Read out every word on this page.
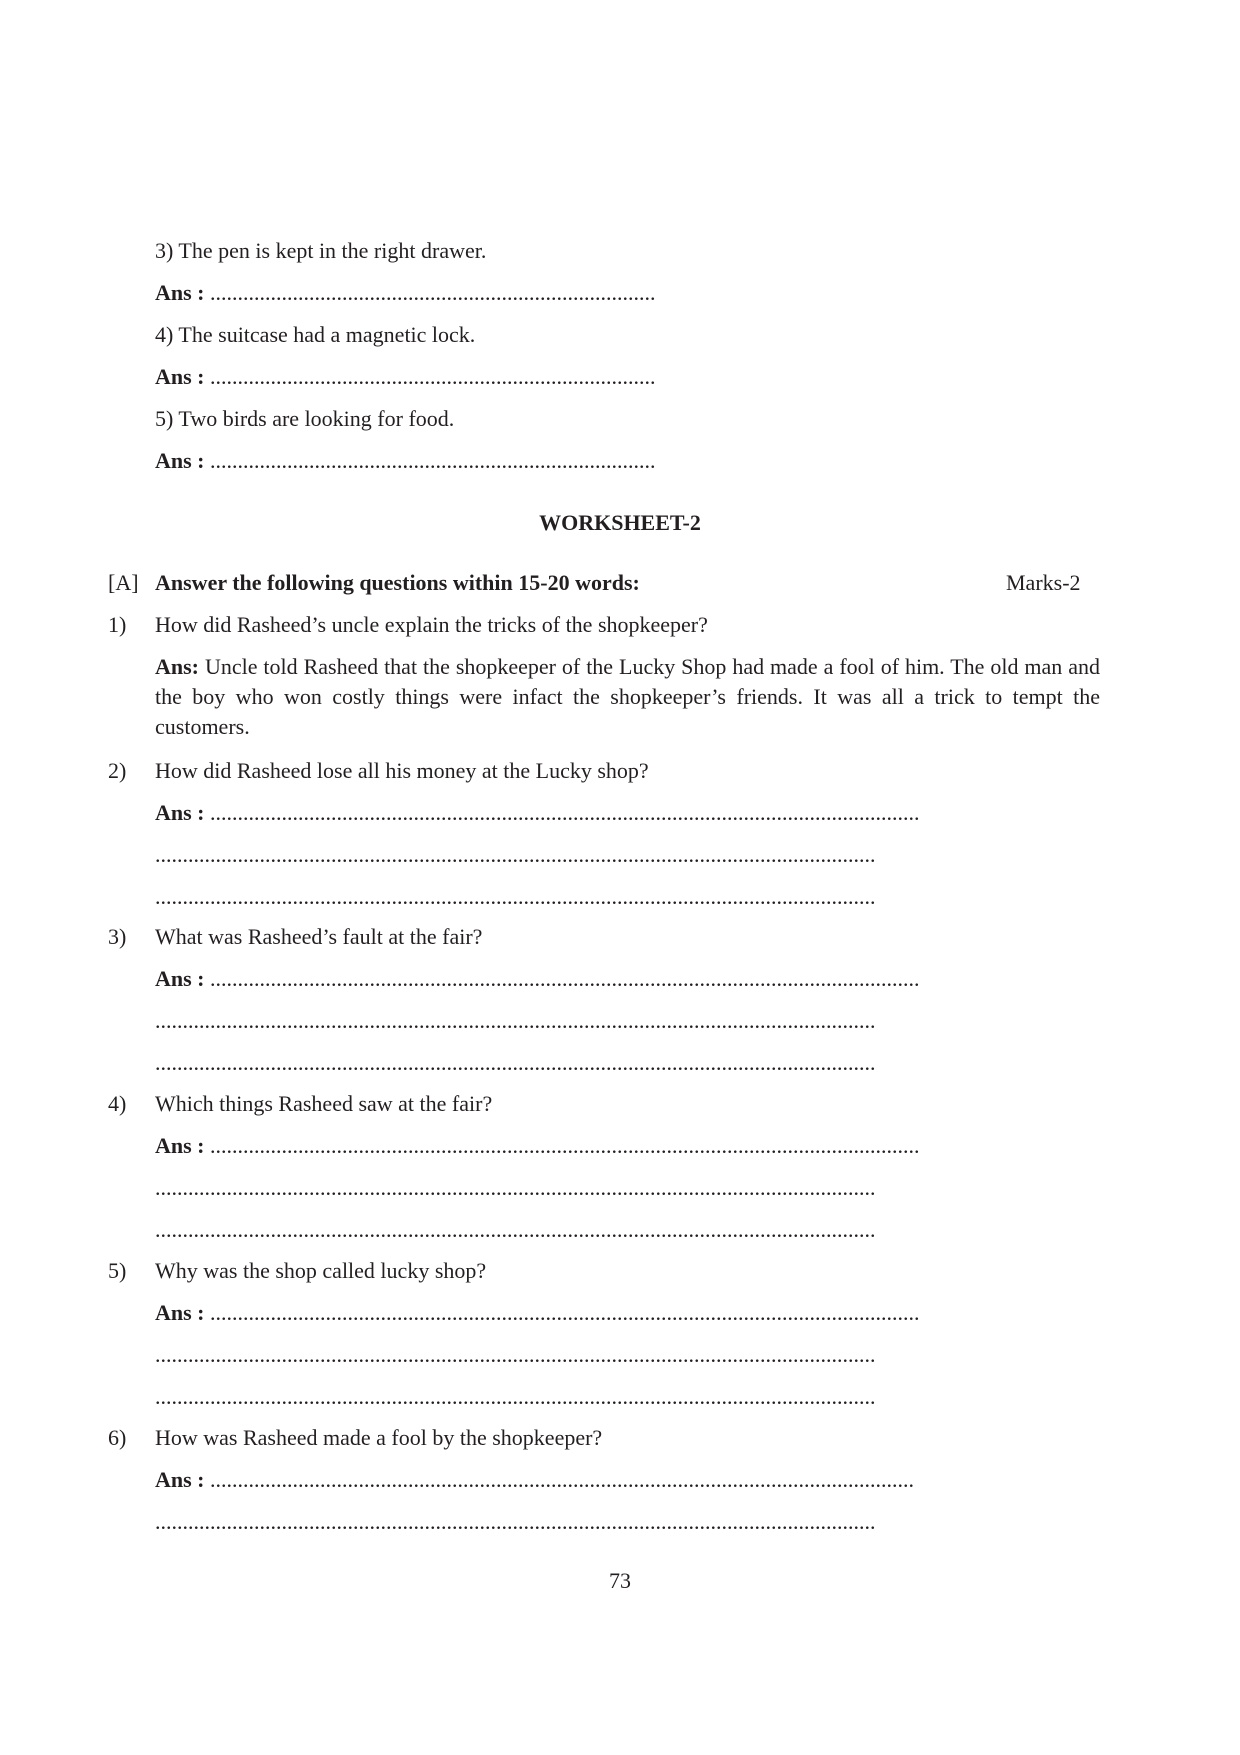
3) The pen is kept in the right drawer.
Ans : .................................................................................
4) The suitcase had a magnetic lock.
Ans : .................................................................................
5) Two birds are looking for food.
Ans : .................................................................................
WORKSHEET-2
[A] Answer the following questions within 15-20 words:	Marks-2
1) How did Rasheed’s uncle explain the tricks of the shopkeeper?
Ans: Uncle told Rasheed that the shopkeeper of the Lucky Shop had made a fool of him. The old man and the boy who won costly things were infact the shopkeeper’s friends. It was all a trick to tempt the customers.
2) How did Rasheed lose all his money at the Lucky shop?
Ans : .................................................................................................................................
...................................................................................................................................
...................................................................................................................................
3) What was Rasheed’s fault at the fair?
Ans : .................................................................................................................................
...................................................................................................................................
...................................................................................................................................
4) Which things Rasheed saw at the fair?
Ans : .................................................................................................................................
...................................................................................................................................
...................................................................................................................................
5) Why was the shop called lucky shop?
Ans : .................................................................................................................................
...................................................................................................................................
...................................................................................................................................
6) How was Rasheed made a fool by the shopkeeper?
Ans : ................................................................................................................................
...................................................................................................................................
73
